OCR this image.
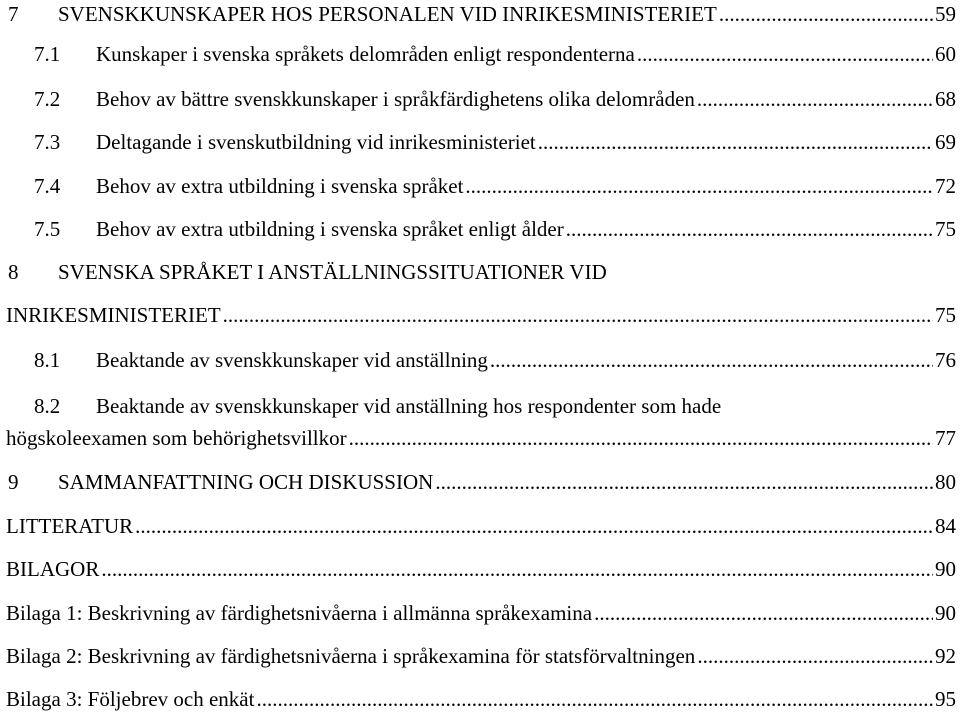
7	SVENSKKUNSKAPER HOS PERSONALEN VID INRIKESMINISTERIET .....	59
7.1	Kunskaper i svenska språkets delområden enligt respondenterna .....	60
7.2	Behov av bättre svenskkunskaper i språkfärdighetens olika delområden .....	68
7.3	Deltagande i svenskutbildning vid inrikesministeriet .....	69
7.4	Behov av extra utbildning i svenska språket .....	72
7.5	Behov av extra utbildning i svenska språket enligt ålder .....	75
8	SVENSKA SPRÅKET I ANSTÄLLNINGSSITUATIONER VID
INRIKESMINISTERIET .....	75
8.1	Beaktande av svenskkunskaper vid anställning .....	76
8.2	Beaktande av svenskkunskaper vid anställning hos respondenter som hade
högskoleexamen som behörighetsvillkor .....	77
9	SAMMANFATTNING OCH DISKUSSION .....	80
LITTERATUR .....	84
BILAGOR .....	90
Bilaga 1: Beskrivning av färdighetsnivåerna i allmänna språkexamina .....	90
Bilaga 2: Beskrivning av färdighetsnivåerna i språkexamina för statsförvaltningen .....	92
Bilaga 3: Följebrev och enkät .....	95
